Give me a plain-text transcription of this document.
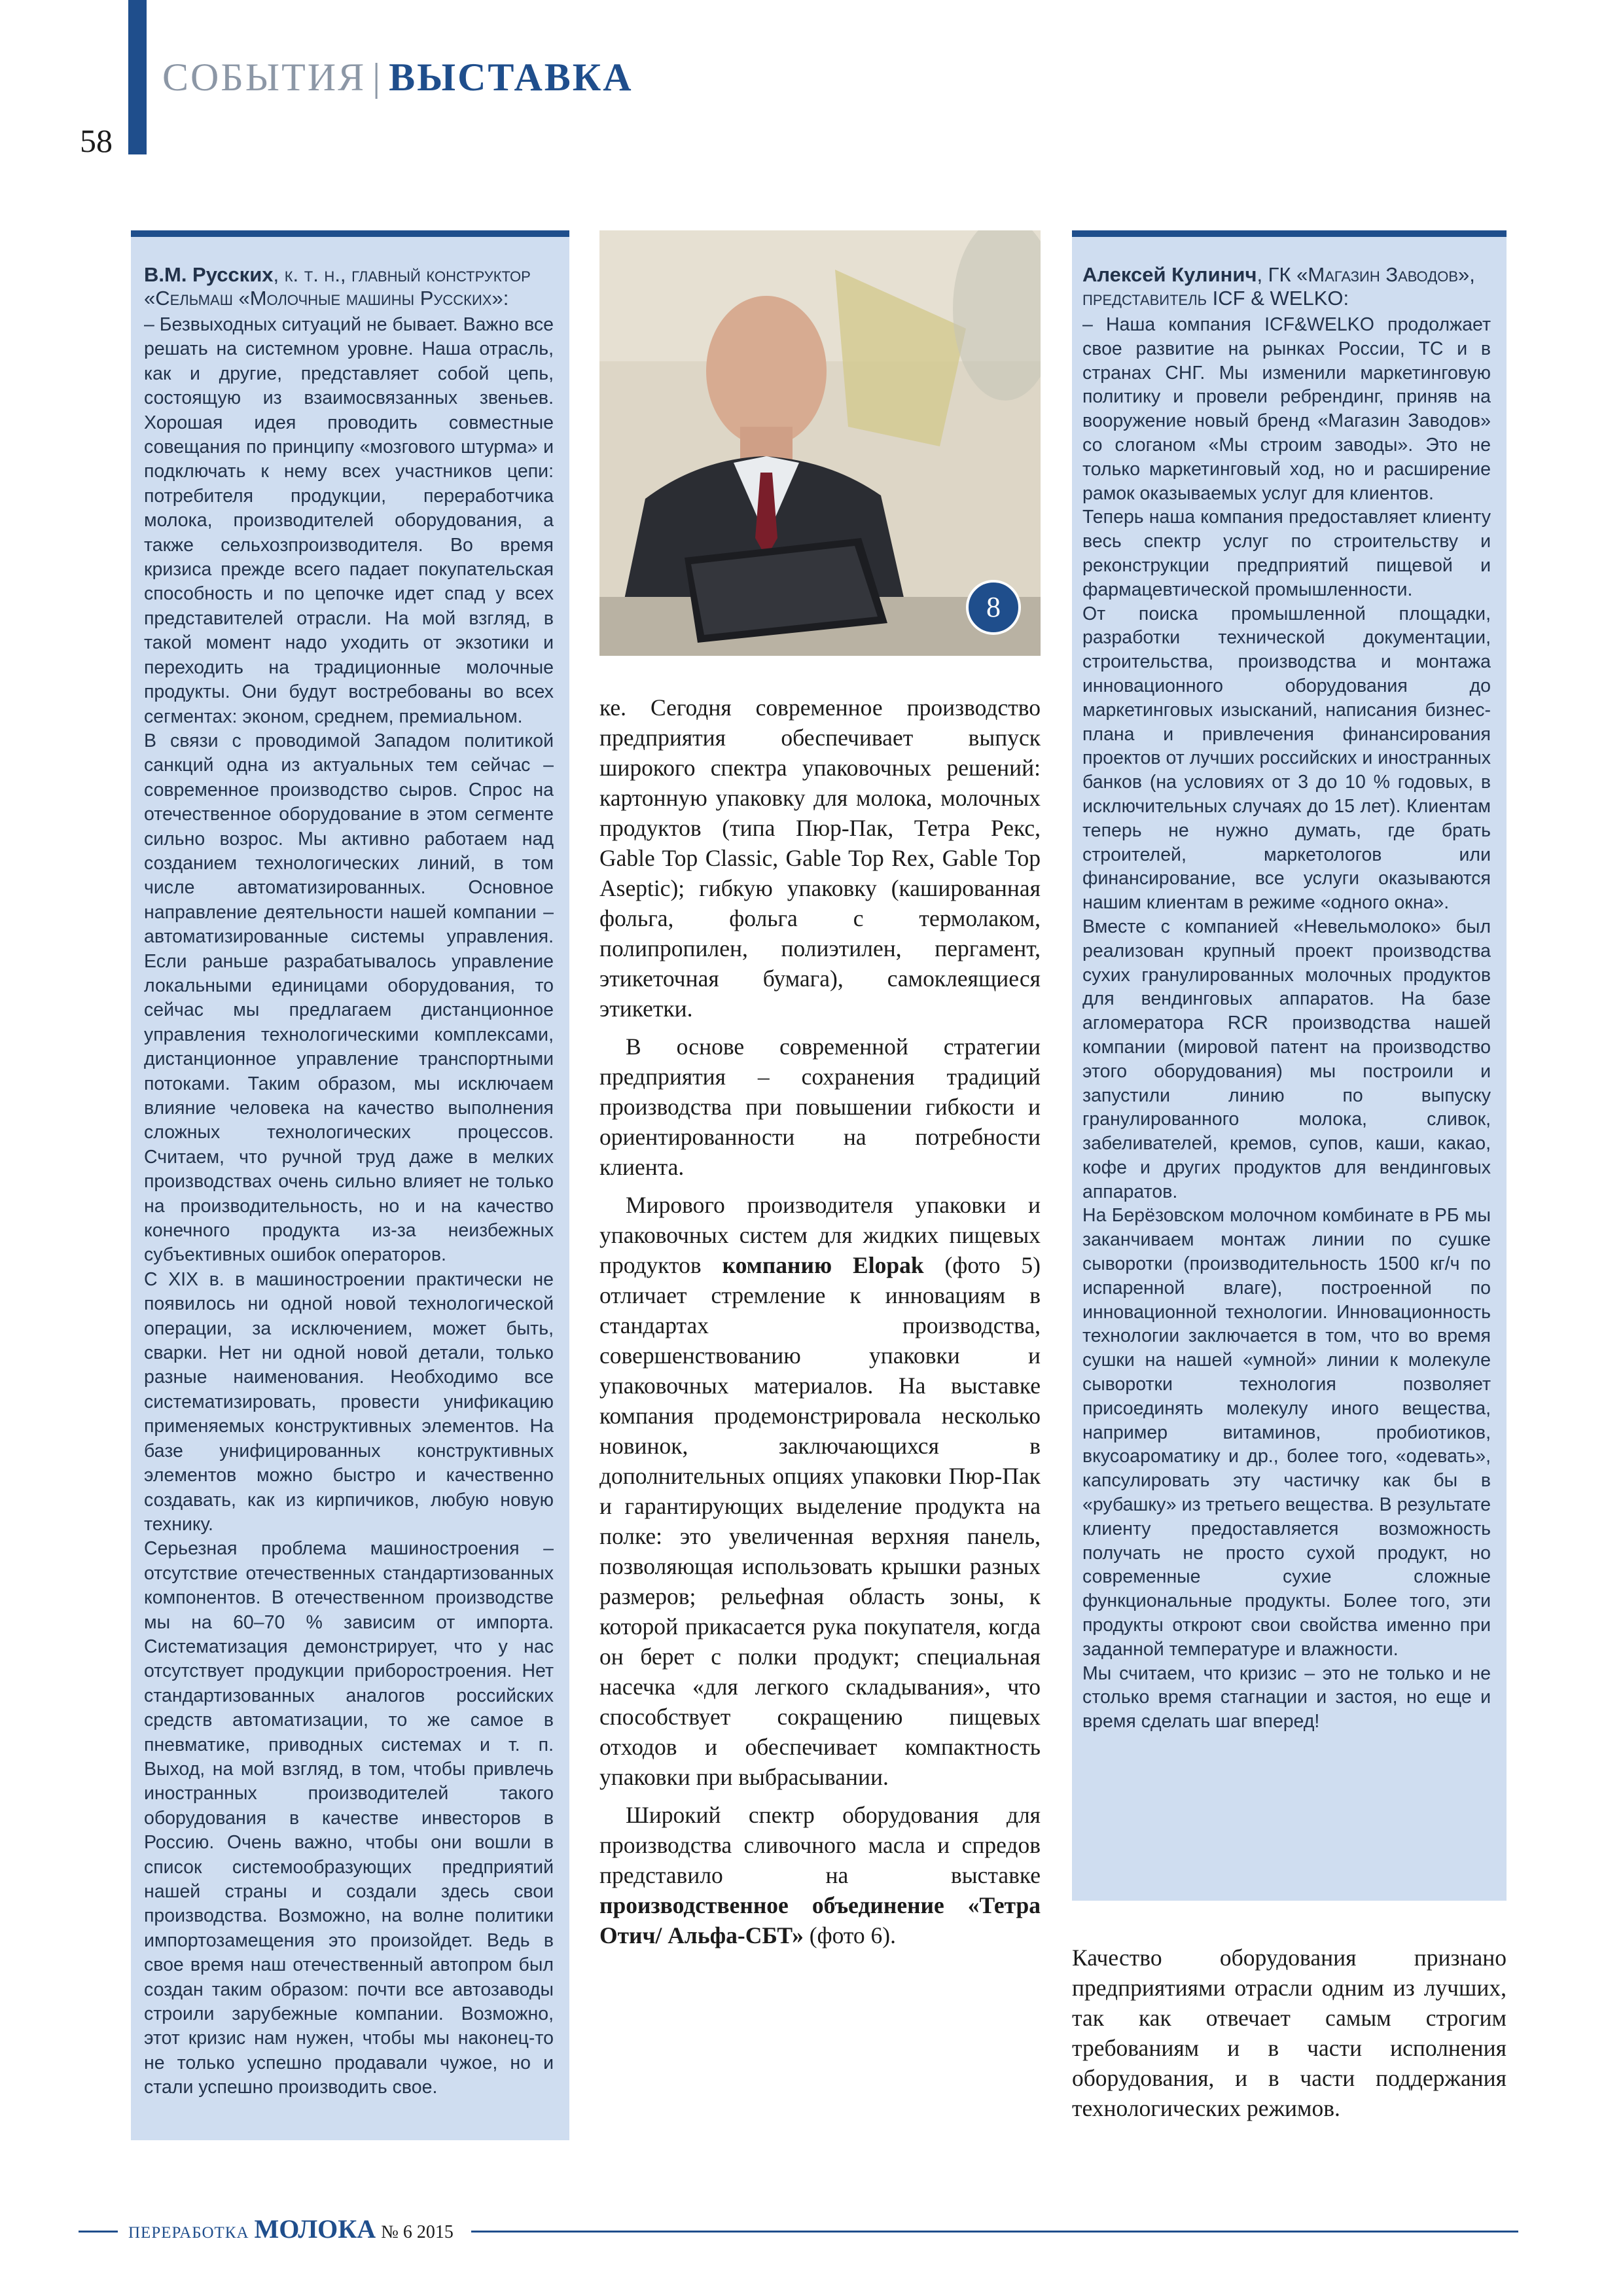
СОБЫТИЯ | ВЫСТАВКА
58
В.М. Русских, к. т. н., главный конструктор «Сельмаш «Молочные машины Русских»:

– Безвыходных ситуаций не бывает. Важно все решать на системном уровне. Наша отрасль, как и другие, представляет собой цепь, состоящую из взаимосвязанных звеньев. Хорошая идея проводить совместные совещания по принципу «мозгового штурма» и подключать к нему всех участников цепи: потребителя продукции, переработчика молока, производителей оборудования, а также сельхозпроизводителя. Во время кризиса прежде всего падает покупательская способность и по цепочке идет спад у всех представителей отрасли. На мой взгляд, в такой момент надо уходить от экзотики и переходить на традиционные молочные продукты. Они будут востребованы во всех сегментах: эконом, среднем, премиальном.

В связи с проводимой Западом политикой санкций одна из актуальных тем сейчас – современное производство сыров. Спрос на отечественное оборудование в этом сегменте сильно возрос. Мы активно работаем над созданием технологических линий, в том числе автоматизированных. Основное направление деятельности нашей компании – автоматизированные системы управления. Если раньше разрабатывалось управление локальными единицами оборудования, то сейчас мы предлагаем дистанционное управления технологическими комплексами, дистанционное управление транспортными потоками. Таким образом, мы исключаем влияние человека на качество выполнения сложных технологических процессов. Считаем, что ручной труд даже в мелких производствах очень сильно влияет не только на производительность, но и на качество конечного продукта из-за неизбежных субъективных ошибок операторов.

С XIX в. в машиностроении практически не появилось ни одной новой технологической операции, за исключением, может быть, сварки. Нет ни одной новой детали, только разные наименования. Необходимо все систематизировать, провести унификацию применяемых конструктивных элементов. На базе унифицированных конструктивных элементов можно быстро и качественно создавать, как из кирпичиков, любую новую технику.

Серьезная проблема машиностроения – отсутствие отечественных стандартизованных компонентов. В отечественном производстве мы на 60–70 % зависим от импорта. Систематизация демонстрирует, что у нас отсутствует продукции приборостроения. Нет стандартизованных аналогов российских средств автоматизации, то же самое в пневматике, приводных системах и т. п. Выход, на мой взгляд, в том, чтобы привлечь иностранных производителей такого оборудования в качестве инвесторов в Россию. Очень важно, чтобы они вошли в список системообразующих предприятий нашей страны и создали здесь свои производства. Возможно, на волне политики импортозамещения это произойдет. Ведь в свое время наш отечественный автопром был создан таким образом: почти все автозаводы строили зарубежные компании. Возможно, этот кризис нам нужен, чтобы мы наконец-то не только успешно продавали чужое, но и стали успешно производить свое.

8

ке. Сегодня современное производство предприятия обеспечивает выпуск широкого спектра упаковочных решений: картонную упаковку для молока, молочных продуктов (типа Пюр-Пак, Тетра Рекс, Gable Top Classic, Gable Top Rex, Gable Top Aseptic); гибкую упаковку (кашированная фольга, фольга с термолаком, полипропилен, полиэтилен, пергамент, этикеточная бумага), самоклеящиеся этикетки.

В основе современной стратегии предприятия – сохранения традиций производства при повышении гибкости и ориентированности на потребности клиента.

Мирового производителя упаковки и упаковочных систем для жидких пищевых продуктов компанию Elopak (фото 5) отличает стремление к инновациям в стандартах производства, совершенствованию упаковки и упаковочных материалов. На выставке компания продемонстрировала несколько новинок, заключающихся в дополнительных опциях упаковки Пюр-Пак и гарантирующих выделение продукта на полке: это увеличенная верхняя панель, позволяющая использовать крышки разных размеров; рельефная область зоны, к которой прикасается рука покупателя, когда он берет с полки продукт; специальная насечка «для легкого складывания», что способствует сокращению пищевых отходов и обеспечивает компактность упаковки при выбрасывании.

Широкий спектр оборудования для производства сливочного масла и спредов представило на выставке производственное объединение «Тетра Отич/ Альфа-СБТ» (фото 6).

Алексей Кулинич, ГК «Магазин Заводов», представитель ICF & WELKO:

– Наша компания ICF&WELKO продолжает свое развитие на рынках России, ТС и в странах СНГ. Мы изменили маркетинговую политику и провели ребрендинг, приняв на вооружение новый бренд «Магазин Заводов» со слоганом «Мы строим заводы». Это не только маркетинговый ход, но и расширение рамок оказываемых услуг для клиентов.

Теперь наша компания предоставляет клиенту весь спектр услуг по строительству и реконструкции предприятий пищевой и фармацевтической промышленности.

От поиска промышленной площадки, разработки технической документации, строительства, производства и монтажа инновационного оборудования до маркетинговых изысканий, написания бизнес-плана и привлечения финансирования проектов от лучших российских и иностранных банков (на условиях от 3 до 10 % годовых, в исключительных случаях до 15 лет). Клиентам теперь не нужно думать, где брать строителей, маркетологов или финансирование, все услуги оказываются нашим клиентам в режиме «одного окна».

Вместе с компанией «Невельмолоко» был реализован крупный проект производства сухих гранулированных молочных продуктов для вендинговых аппаратов. На базе агломератора RCR производства нашей компании (мировой патент на производство этого оборудования) мы построили и запустили линию по выпуску гранулированного молока, сливок, забеливателей, кремов, супов, каши, какао, кофе и других продуктов для вендинговых аппаратов.

На Берёзовском молочном комбинате в РБ мы заканчиваем монтаж линии по сушке сыворотки (производительность 1500 кг/ч по испаренной влаге), построенной по инновационной технологии. Инновационность технологии заключается в том, что во время сушки на нашей «умной» линии к молекуле сыворотки технология позволяет присоединять молекулу иного вещества, например витаминов, пробиотиков, вкусоароматику и др., более того, «одевать», капсулировать эту частичку как бы в «рубашку» из третьего вещества. В результате клиенту предоставляется возможность получать не просто сухой продукт, но современные сухие сложные функциональные продукты. Более того, эти продукты откроют свои свойства именно при заданной температуре и влажности.

Мы считаем, что кризис – это не только и не столько время стагнации и застоя, но еще и время сделать шаг вперед!

Качество оборудования признано предприятиями отрасли одним из лучших, так как отвечает самым строгим требованиям и в части исполнения оборудования, и в части поддержания технологических режимов.

ПЕРЕРАБОТКА МОЛОКА № 6 2015
